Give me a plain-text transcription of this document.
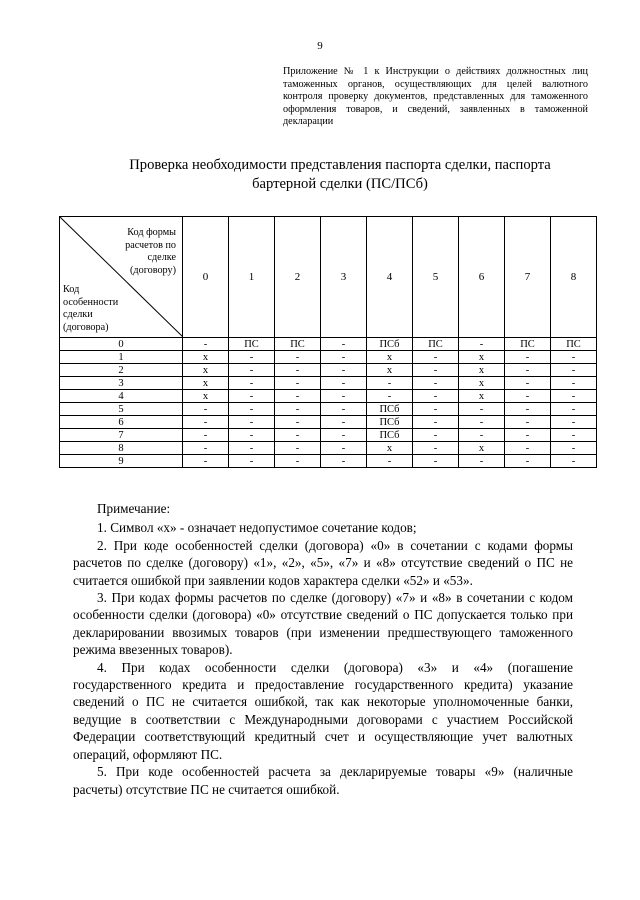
9
Приложение № 1 к Инструкции о действиях должностных лиц таможенных органов, осуществляющих для целей валютного контроля проверку документов, представленных для таможенного оформления товаров, и сведений, заявленных в таможенной декларации
Проверка необходимости представления паспорта сделки, паспорта
бартерной сделки (ПС/ПСб)
Код формы расчетов по сделке (договору)
Код особенности сделки (договора)	0	1	2	3	4	5	6	7	8
0	-	ПС	ПС	-	ПСб	ПС	-	ПС	ПС
1	x	-	-	-	x	-	x	-	-
2	x	-	-	-	x	-	x	-	-
3	x	-	-	-	-	-	x	-	-
4	x	-	-	-	-	-	x	-	-
5	-	-	-	-	ПСб	-	-	-	-
6	-	-	-	-	ПСб	-	-	-	-
7	-	-	-	-	ПСб	-	-	-	-
8	-	-	-	-	x	-	x	-	-
9	-	-	-	-	-	-	-	-	-

Примечание:

1. Символ «х» - означает недопустимое сочетание кодов;

2. При коде особенностей сделки (договора) «0» в сочетании с кодами формы расчетов по сделке (договору) «1», «2», «5», «7» и «8» отсутствие сведений о ПС не считается ошибкой при заявлении кодов характера сделки «52» и «53».

3. При кодах формы расчетов по сделке (договору) «7» и «8» в сочетании с кодом особенности сделки (договора) «0» отсутствие сведений о ПС допускается только при декларировании ввозимых товаров (при изменении предшествующего таможенного режима ввезенных товаров).

4. При кодах особенности сделки (договора) «3» и «4» (погашение государственного кредита и предоставление государственного кредита) указание сведений о ПС не считается ошибкой, так как некоторые уполномоченные банки, ведущие в соответствии с Международными договорами с участием Российской Федерации соответствующий кредитный счет и осуществляющие учет валютных операций, оформляют ПС.

5. При коде особенностей расчета за декларируемые товары «9» (наличные расчеты) отсутствие ПС не считается ошибкой.
